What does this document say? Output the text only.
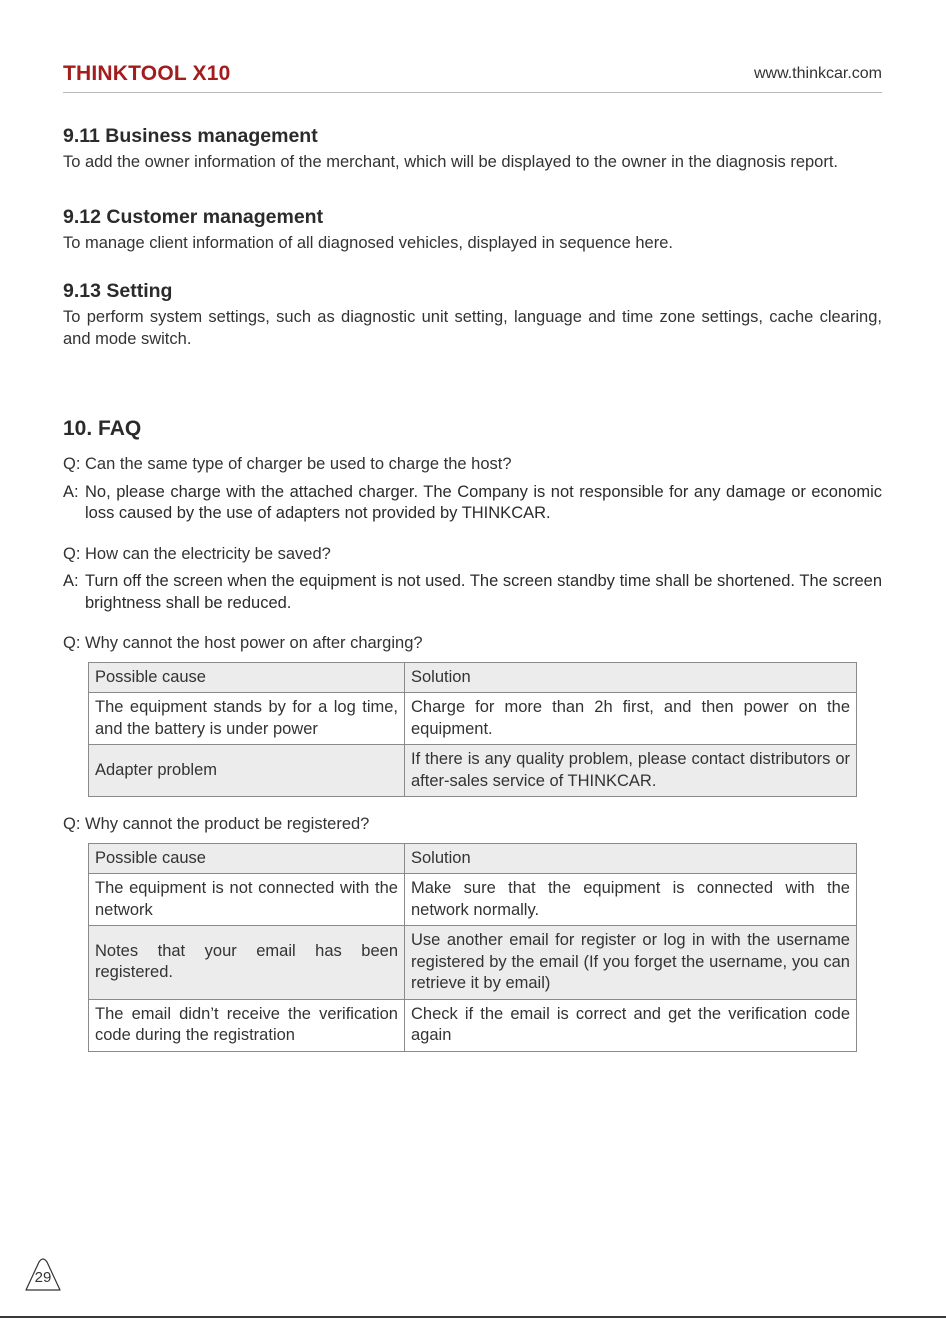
THINKTOOL X10	www.thinkcar.com
9.11 Business management

To add the owner information of the merchant, which will be displayed to the owner in the diagnosis report.

9.12 Customer management

To manage client information of all diagnosed vehicles, displayed in sequence here.

9.13 Setting

To perform system settings, such as diagnostic unit setting, language and time zone settings, cache clearing, and mode switch.

10. FAQ
Q: Can the same type of charger be used to charge the host?
A: No, please charge with the attached charger. The Company is not responsible for any damage or economic loss caused by the use of adapters not provided by THINKCAR.
Q: How can the electricity be saved?
A: Turn off the screen when the equipment is not used. The screen standby time shall be shortened. The screen brightness shall be reduced.
Q: Why cannot the host power on after charging?
Possible cause	Solution
The equipment stands by for a log time, and the battery is under power	Charge for more than 2h first, and then power on the equipment.
Adapter problem	If there is any quality problem, please contact distributors or after-sales service of THINKCAR.
Q: Why cannot the product be registered?
Possible cause	Solution
The equipment is not connected with the network	Make sure that the equipment is connected with the network normally.
Notes that your email has been registered.	Use another email for register or log in with the username registered by the email (If you forget the username, you can retrieve it by email)
The email didn’t receive the verification code during the registration	Check if the email is correct and get the verification code again
29
